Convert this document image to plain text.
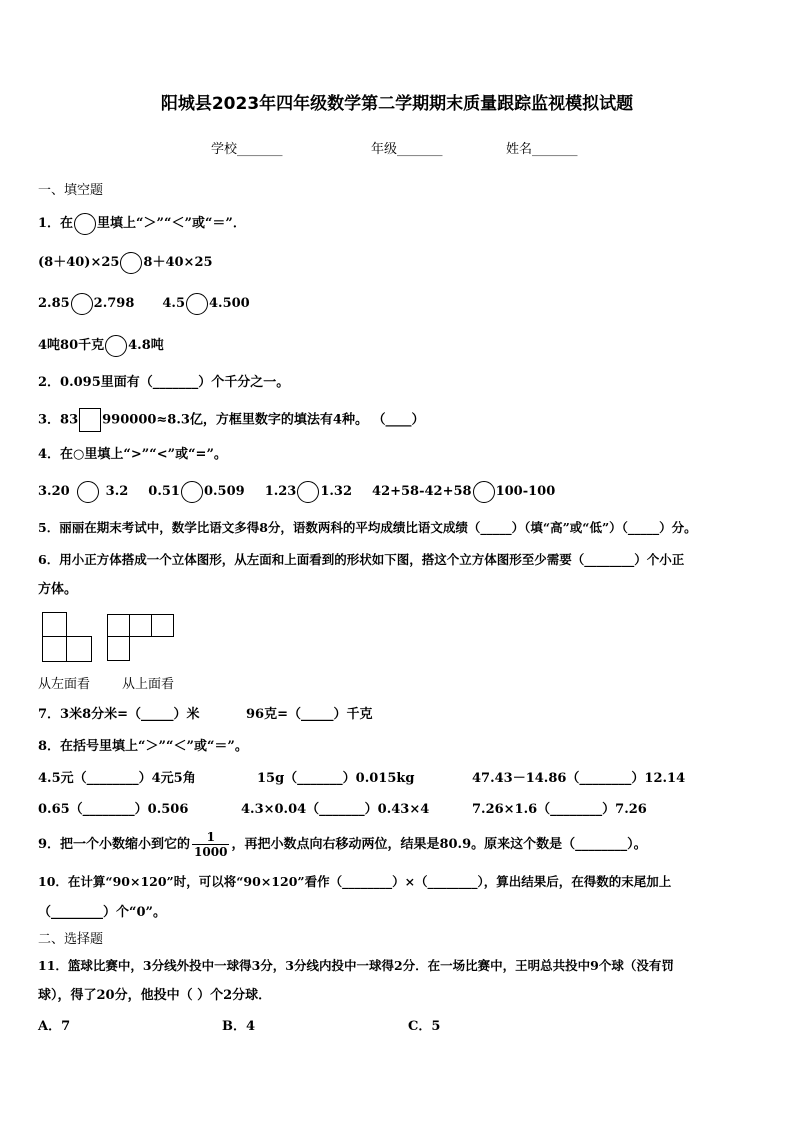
阳城县2023年四年级数学第二学期期末质量跟踪监视模拟试题
学校_______	年级_______	姓名_______
一、填空题
1．在 里填上“＞”“＜”或“＝”．
(8＋40)×25 8＋40×25
2.85 2.798 4.5 4.500
4吨80千克 4.8吨
2．0.095里面有（_______）个千分之一。
3．83 990000≈8.3亿，方框里数字的填法有4种。 （____）
4．在○里填上“>”“<”或“=”。
3.20	3.2 0.51 0.509 1.23 1.32 42+58-42+58 100-100
5．丽丽在期末考试中，数学比语文多得8分，语数两科的平均成绩比语文成绩（_____）（填“高”或“低”）（_____）分。
6．用小正方体搭成一个立体图形，从左面和上面看到的形状如下图，搭这个立方体图形至少需要（________）个小正
方体。
从左面看 从上面看
7．3米8分米=（_____）米	96克=（_____）千克
8．在括号里填上“＞”“＜”或“＝”。
4.5元（________）4元5角	15g（_______）0.015kg	47.43－14.86（________）12.14
0.65（________）0.506	4.3×0.04（_______）0.43×4	7.26×1.6（________）7.26
9．把一个小数缩小到它的 $\frac{1}{1000}$ ，再把小数点向右移动两位，结果是80.9。原来这个数是（________）。
10．在计算“90×120”时，可以将“90×120”看作（________）×（________），算出结果后，在得数的末尾加上
（________）个“0”。
二、选择题
11．篮球比赛中，3分线外投中一球得3分，3分线内投中一球得2分．在一场比赛中，王明总共投中9个球（没有罚
球），得了20分，他投中（ ）个2分球．
A．7	B．4	C．5
